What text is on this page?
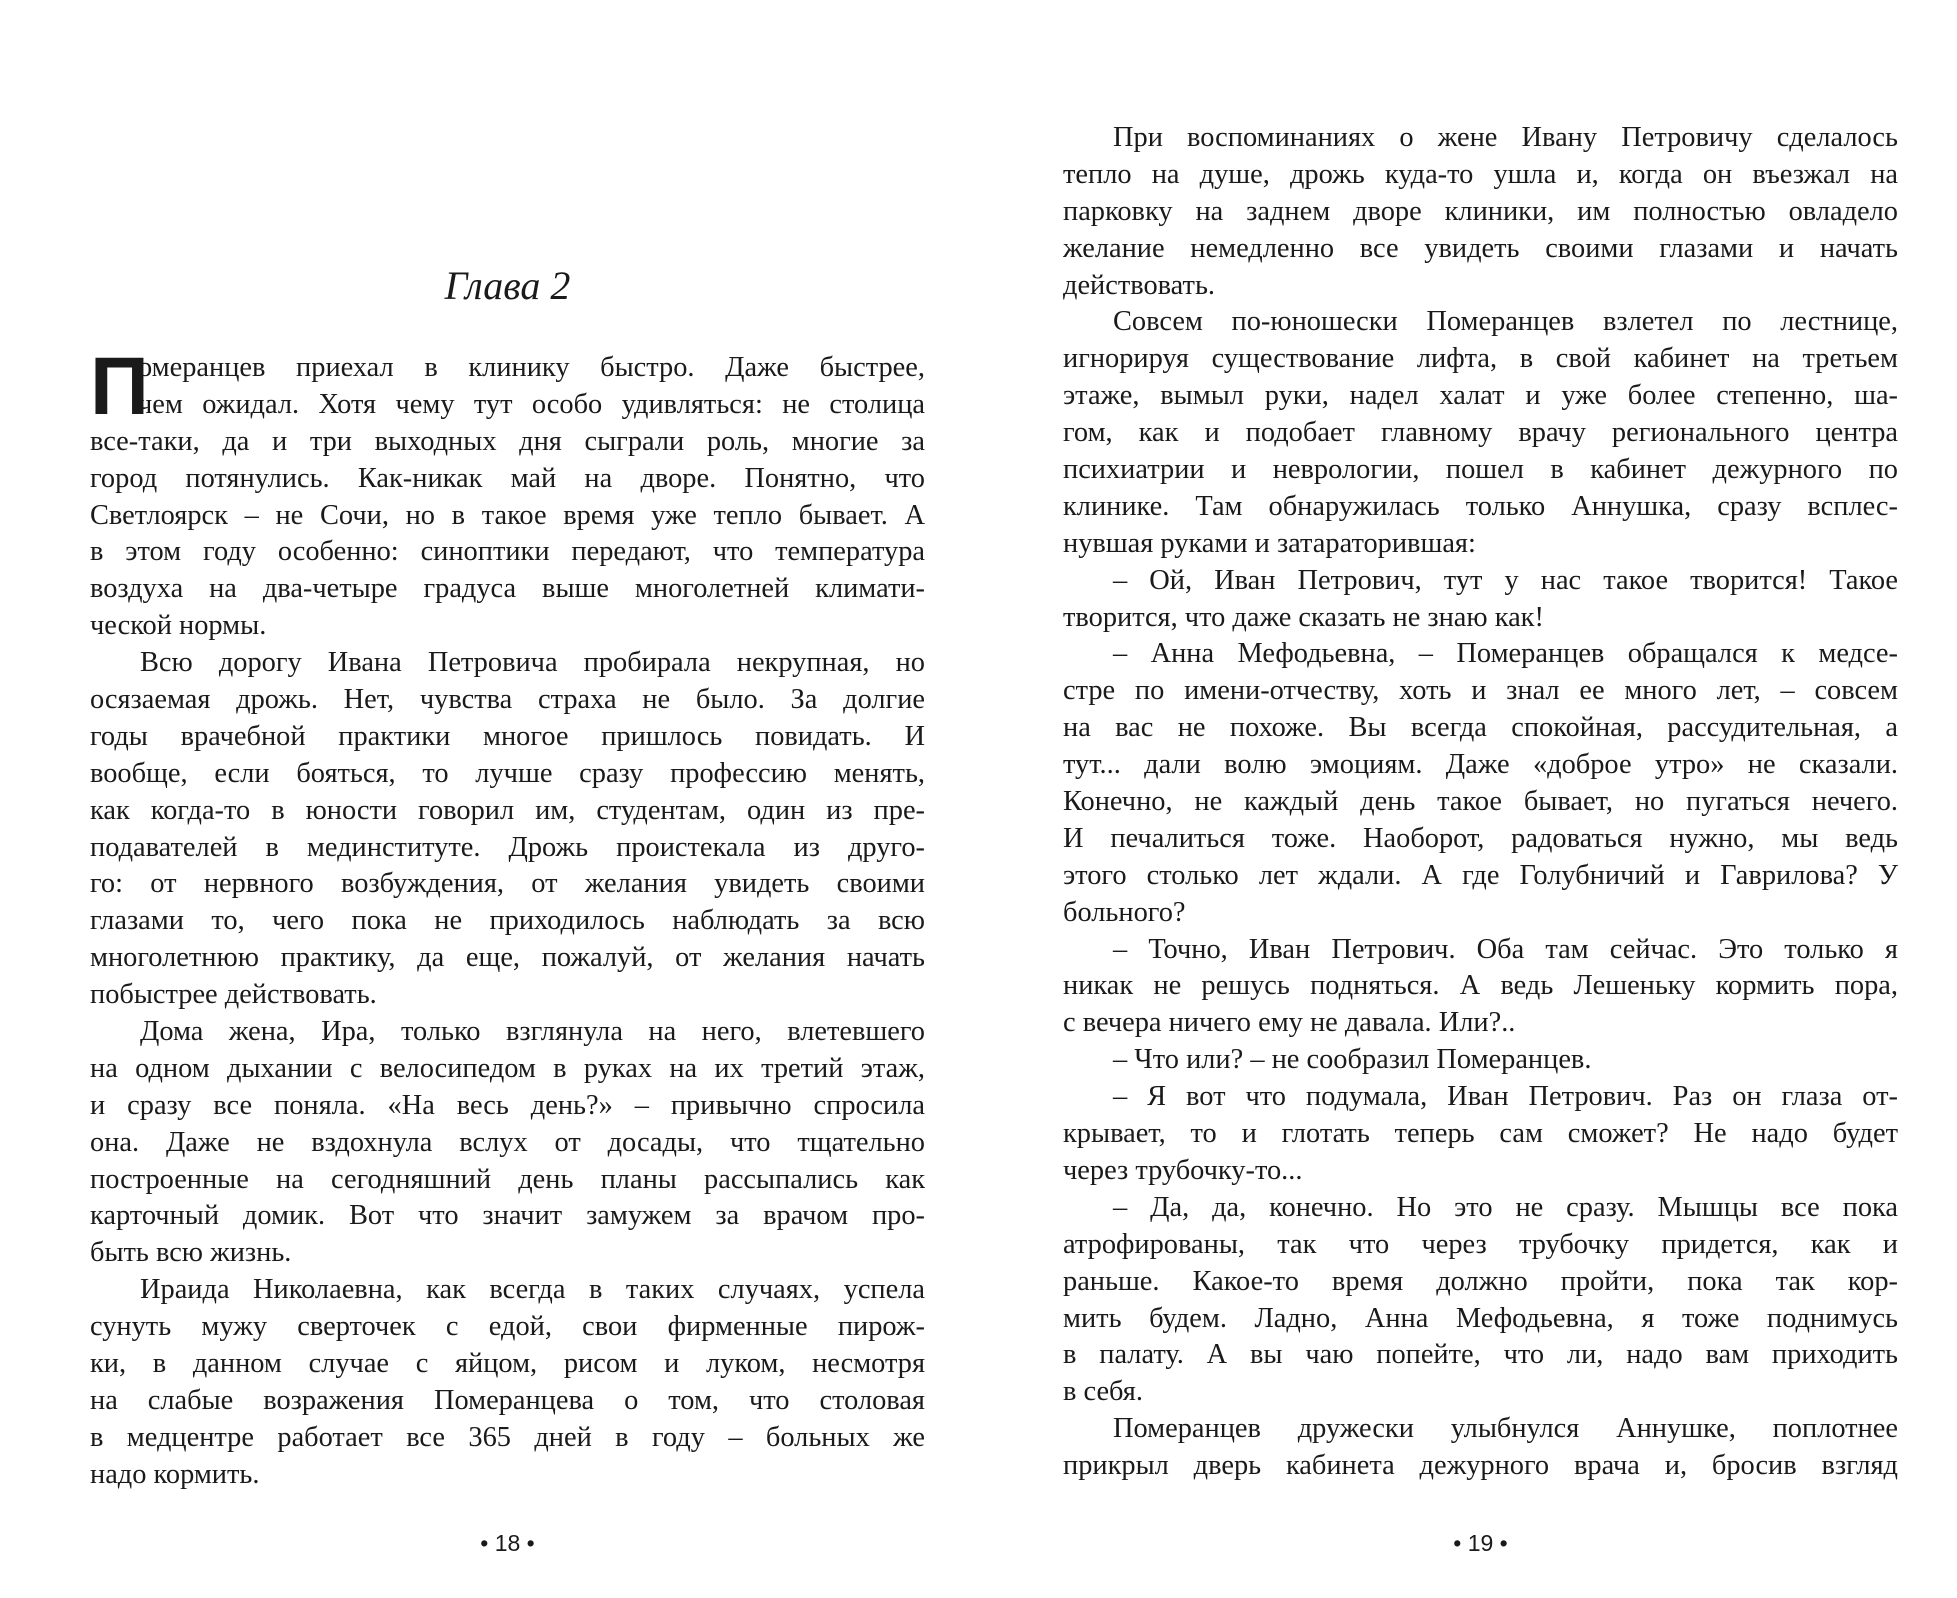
Глава 2
П
омеранцев приехал в клинику быстро. Даже быстрее,
чем ожидал. Хотя чему тут особо удивляться: не столица
все-таки, да и три выходных дня сыграли роль, многие за
город потянулись. Как-никак май на дворе. Понятно, что
Светлоярск – не Сочи, но в такое время уже тепло бывает. А
в этом году особенно: синоптики передают, что температура
воздуха на два-четыре градуса выше многолетней климати-
ческой нормы.
Всю дорогу Ивана Петровича пробирала некрупная, но
осязаемая дрожь. Нет, чувства страха не было. За долгие
годы врачебной практики многое пришлось повидать. И
вообще, если бояться, то лучше сразу профессию менять,
как когда-то в юности говорил им, студентам, один из пре-
подавателей в мединституте. Дрожь проистекала из друго-
го: от нервного возбуждения, от желания увидеть своими
глазами то, чего пока не приходилось наблюдать за всю
многолетнюю практику, да еще, пожалуй, от желания начать
побыстрее действовать.
Дома жена, Ира, только взглянула на него, влетевшего
на одном дыхании с велосипедом в руках на их третий этаж,
и сразу все поняла. «На весь день?» – привычно спросила
она. Даже не вздохнула вслух от досады, что тщательно
построенные на сегодняшний день планы рассыпались как
карточный домик. Вот что значит замужем за врачом про-
быть всю жизнь.
Ираида Николаевна, как всегда в таких случаях, успела
сунуть мужу сверточек с едой, свои фирменные пирож-
ки, в данном случае с яйцом, рисом и луком, несмотря
на слабые возражения Померанцева о том, что столовая
в медцентре работает все 365 дней в году – больных же
надо кормить.
• 18 •
При воспоминаниях о жене Ивану Петровичу сделалось
тепло на душе, дрожь куда-то ушла и, когда он въезжал на
парковку на заднем дворе клиники, им полностью овладело
желание немедленно все увидеть своими глазами и начать
действовать.
Совсем по-юношески Померанцев взлетел по лестнице,
игнорируя существование лифта, в свой кабинет на третьем
этаже, вымыл руки, надел халат и уже более степенно, ша-
гом, как и подобает главному врачу регионального центра
психиатрии и неврологии, пошел в кабинет дежурного по
клинике. Там обнаружилась только Аннушка, сразу всплес-
нувшая руками и затараторившая:
– Ой, Иван Петрович, тут у нас такое творится! Такое
творится, что даже сказать не знаю как!
– Анна Мефодьевна, – Померанцев обращался к медсе-
стре по имени-отчеству, хоть и знал ее много лет, – совсем
на вас не похоже. Вы всегда спокойная, рассудительная, а
тут... дали волю эмоциям. Даже «доброе утро» не сказали.
Конечно, не каждый день такое бывает, но пугаться нечего.
И печалиться тоже. Наоборот, радоваться нужно, мы ведь
этого столько лет ждали. А где Голубничий и Гаврилова? У
больного?
– Точно, Иван Петрович. Оба там сейчас. Это только я
никак не решусь подняться. А ведь Лешеньку кормить пора,
с вечера ничего ему не давала. Или?..
– Что или? – не сообразил Померанцев.
– Я вот что подумала, Иван Петрович. Раз он глаза от-
крывает, то и глотать теперь сам сможет? Не надо будет
через трубочку-то...
– Да, да, конечно. Но это не сразу. Мышцы все пока
атрофированы, так что через трубочку придется, как и
раньше. Какое-то время должно пройти, пока так кор-
мить будем. Ладно, Анна Мефодьевна, я тоже поднимусь
в палату. А вы чаю попейте, что ли, надо вам приходить
в себя.
Померанцев дружески улыбнулся Аннушке, поплотнее
прикрыл дверь кабинета дежурного врача и, бросив взгляд
• 19 •
